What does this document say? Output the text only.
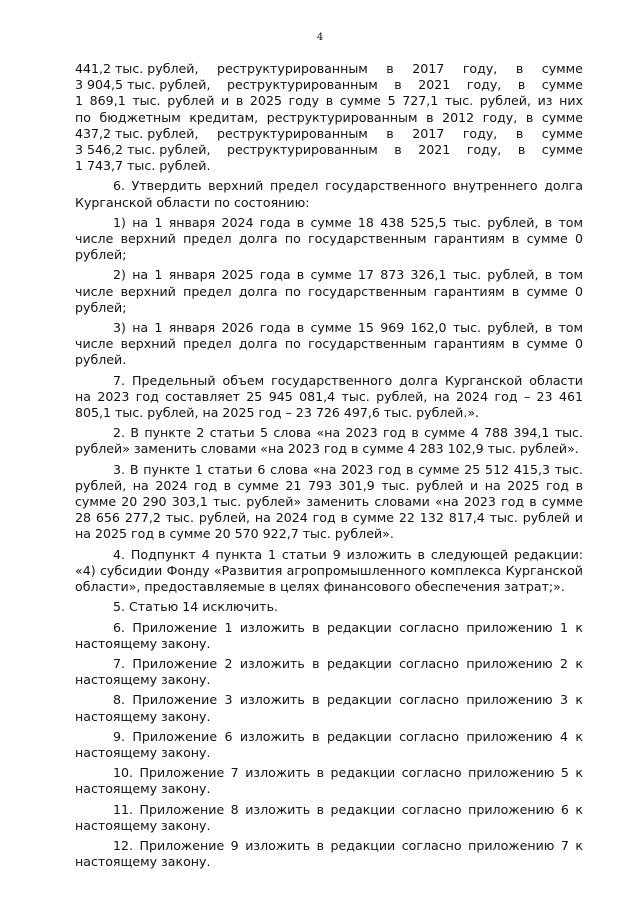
4
441,2 тыс. рублей, реструктурированным в 2017 году, в сумме
3 904,5 тыс. рублей, реструктурированным в 2021 году, в сумме
1 869,1 тыс. рублей и в 2025 году в сумме 5 727,1 тыс. рублей, из них
по бюджетным кредитам, реструктурированным в 2012 году, в сумме
437,2 тыс. рублей, реструктурированным в 2017 году, в сумме
3 546,2 тыс. рублей, реструктурированным в 2021 году, в сумме
1 743,7 тыс. рублей.

6. Утвердить верхний предел государственного внутреннего долга Курганской области по состоянию:

1) на 1 января 2024 года в сумме 18 438 525,5 тыс. рублей, в том числе верхний предел долга по государственным гарантиям в сумме 0 рублей;

2) на 1 января 2025 года в сумме 17 873 326,1 тыс. рублей, в том числе верхний предел долга по государственным гарантиям в сумме 0 рублей;

3) на 1 января 2026 года в сумме 15 969 162,0 тыс. рублей, в том числе верхний предел долга по государственным гарантиям в сумме 0 рублей.

7. Предельный объем государственного долга Курганской области на 2023 год составляет 25 945 081,4 тыс. рублей, на 2024 год – 23 461 805,1 тыс. рублей, на 2025 год – 23 726 497,6 тыс. рублей.».

2. В пункте 2 статьи 5 слова «на 2023 год в сумме 4 788 394,1 тыс. рублей» заменить словами «на 2023 год в сумме 4 283 102,9 тыс. рублей».

3. В пункте 1 статьи 6 слова «на 2023 год в сумме 25 512 415,3 тыс. рублей, на 2024 год в сумме 21 793 301,9 тыс. рублей и на 2025 год в сумме 20 290 303,1 тыс. рублей» заменить словами «на 2023 год в сумме 28 656 277,2 тыс. рублей, на 2024 год в сумме 22 132 817,4 тыс. рублей и на 2025 год в сумме 20 570 922,7 тыс. рублей».

4. Подпункт 4 пункта 1 статьи 9 изложить в следующей редакции: «4) субсидии Фонду «Развития агропромышленного комплекса Курганской области», предоставляемые в целях финансового обеспечения затрат;».

5. Статью 14 исключить.

6. Приложение 1 изложить в редакции согласно приложению 1 к настоящему закону.

7. Приложение 2 изложить в редакции согласно приложению 2 к настоящему закону.

8. Приложение 3 изложить в редакции согласно приложению 3 к настоящему закону.

9. Приложение 6 изложить в редакции согласно приложению 4 к настоящему закону.

10. Приложение 7 изложить в редакции согласно приложению 5 к настоящему закону.

11. Приложение 8 изложить в редакции согласно приложению 6 к настоящему закону.

12. Приложение 9 изложить в редакции согласно приложению 7 к настоящему закону.
